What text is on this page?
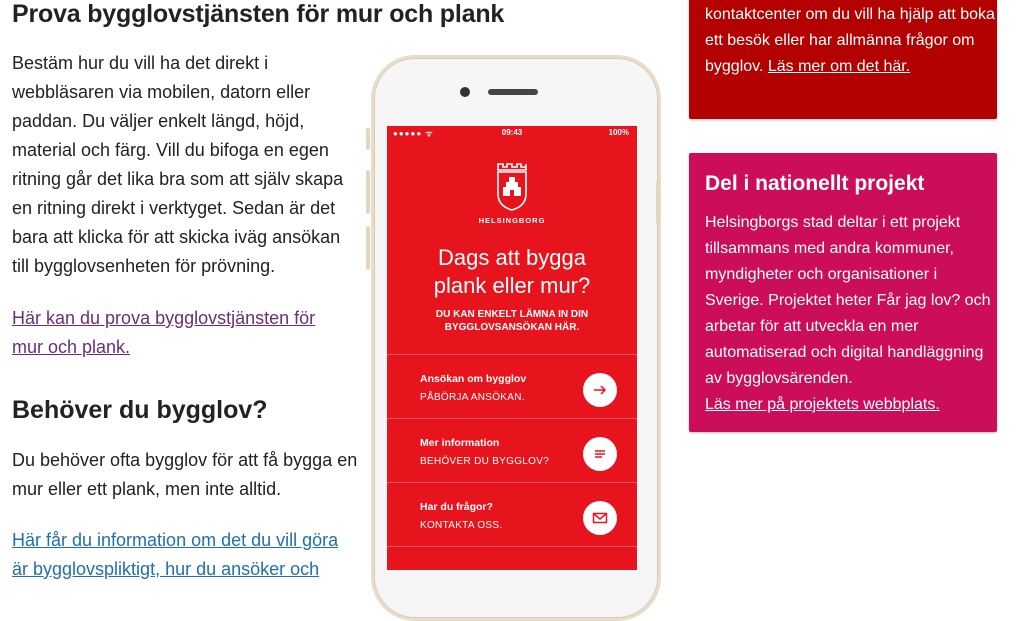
Prova bygglovstjänsten för mur och plank

Bestäm hur du vill ha det direkt i webbläsaren via mobilen, datorn eller paddan. Du väljer enkelt längd, höjd, material och färg. Vill du bifoga en egen ritning går det lika bra som att själv skapa en ritning direkt i verktyget. Sedan är det bara att klicka för att skicka iväg ansökan till bygglovsenheten för prövning.

Här kan du prova bygglovstjänsten för mur och plank.
Behöver du bygglov?

Du behöver ofta bygglov för att få bygga en mur eller ett plank, men inte alltid.

Här får du information om det du vill göra är bygglovspliktigt, hur du ansöker och
●●●●● ᯤ	09:43	100%
HELSINGBORG
Dags att bygga
plank eller mur?
DU KAN ENKELT LÄMNA IN DIN
BYGGLOVSANSÖKAN HÄR.
Ansökan om bygglov
PÅBÖRJA ANSÖKAN.
Mer information
BEHÖVER DU BYGGLOV?
Har du frågor?
KONTAKTA OSS.

kontaktcenter om du vill ha hjälp att boka ett besök eller har allmänna frågor om bygglov. Läs mer om det här.

Del i nationellt projekt

Helsingborgs stad deltar i ett projekt tillsammans med andra kommuner, myndigheter och organisationer i Sverige. Projektet heter Får jag lov? och arbetar för att utveckla en mer automatiserad och digital handläggning av bygglovsärenden.
Läs mer på projektets webbplats.
